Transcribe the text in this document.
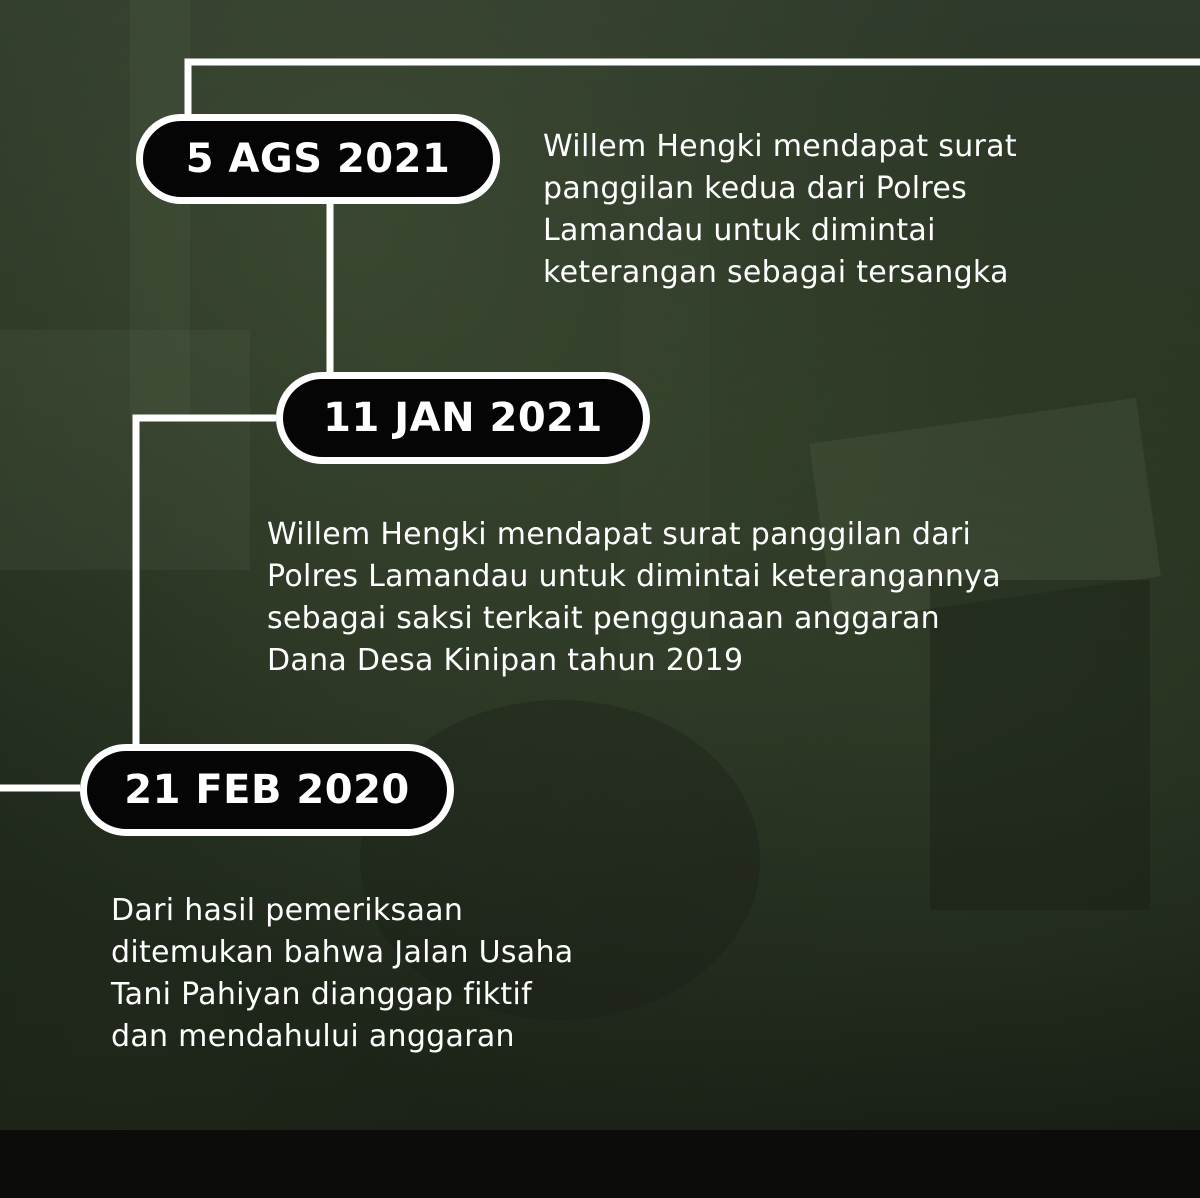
5 AGS 2021	Willem Hengki mendapat surat
panggilan kedua dari Polres
Lamandau untuk dimintai
keterangan sebagai tersangka
11 JAN 2021
Willem Hengki mendapat surat panggilan dari
Polres Lamandau untuk dimintai keterangannya
sebagai saksi terkait penggunaan anggaran
Dana Desa Kinipan tahun 2019
21 FEB 2020
Dari hasil pemeriksaan
ditemukan bahwa Jalan Usaha
Tani Pahiyan dianggap fiktif
dan mendahului anggaran
